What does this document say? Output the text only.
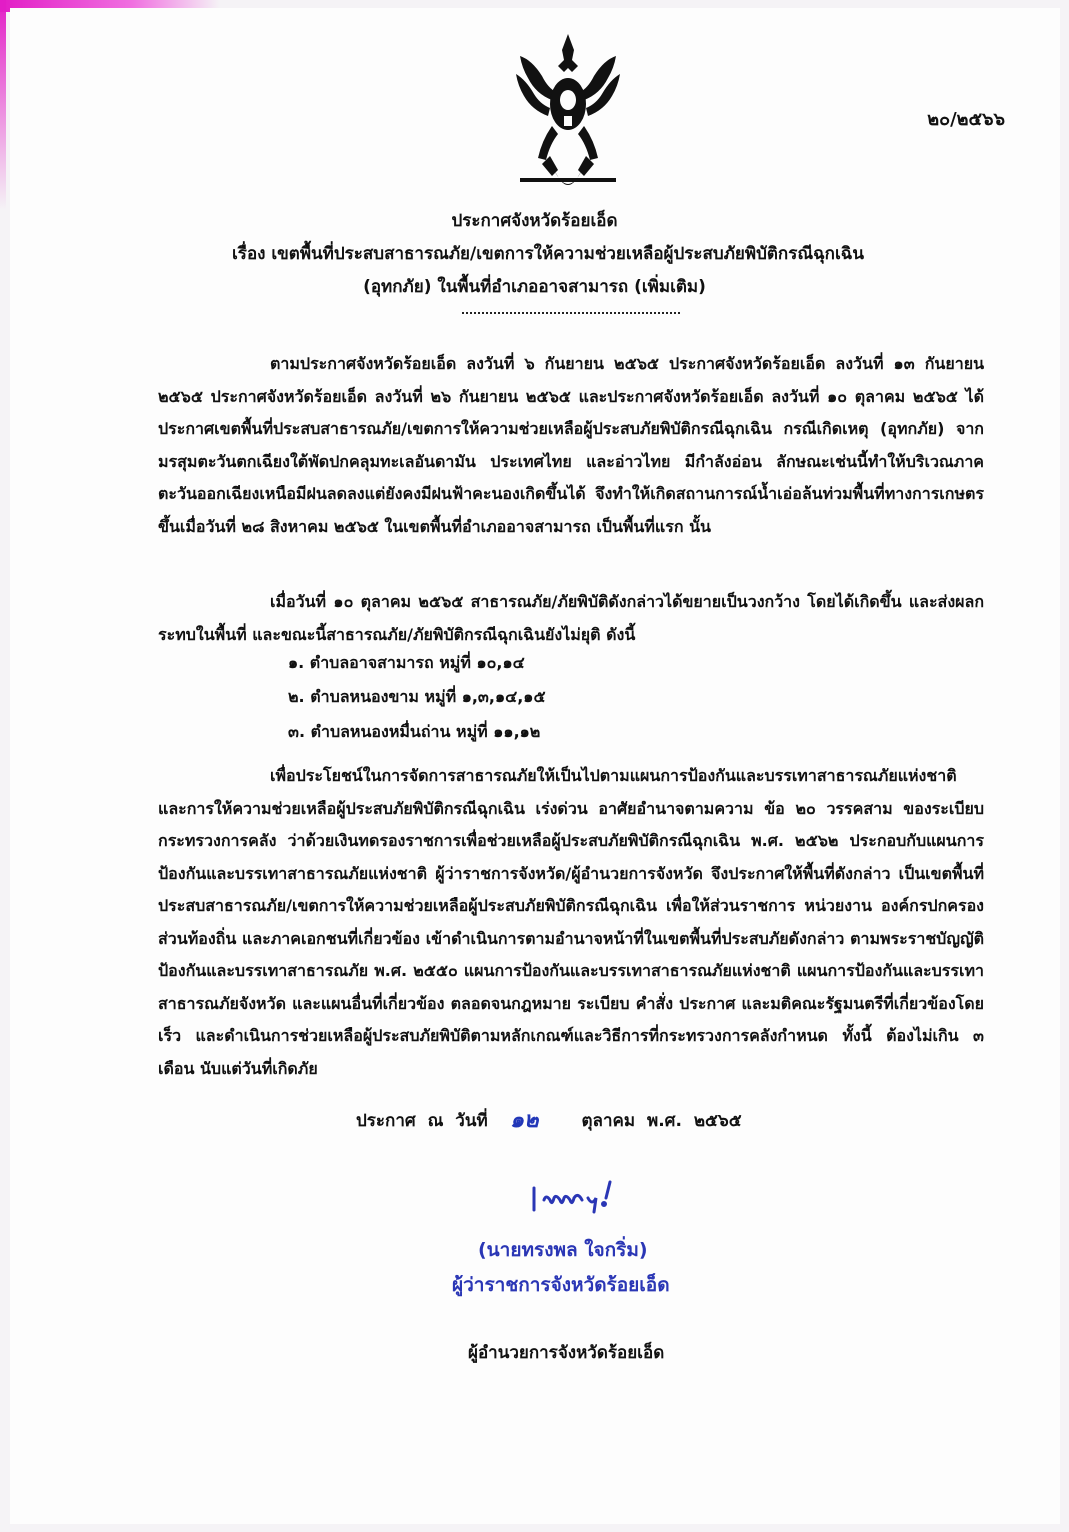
๒๐/๒๕๖๖
ประกาศจังหวัดร้อยเอ็ด
เรื่อง เขตพื้นที่ประสบสาธารณภัย/เขตการให้ความช่วยเหลือผู้ประสบภัยพิบัติกรณีฉุกเฉิน
(อุทกภัย) ในพื้นที่อำเภออาจสามารถ (เพิ่มเติม)
ตามประกาศจังหวัดร้อยเอ็ด ลงวันที่ ๖ กันยายน ๒๕๖๕ ประกาศจังหวัดร้อยเอ็ด ลงวันที่ ๑๓ กันยายน ๒๕๖๕ ประกาศจังหวัดร้อยเอ็ด ลงวันที่ ๒๖ กันยายน ๒๕๖๕ และประกาศจังหวัดร้อยเอ็ด ลงวันที่ ๑๐ ตุลาคม ๒๕๖๕ ได้ประกาศเขตพื้นที่ประสบสาธารณภัย/เขตการให้ความช่วยเหลือผู้ประสบภัยพิบัติกรณีฉุกเฉิน กรณีเกิดเหตุ (อุทกภัย) จากมรสุมตะวันตกเฉียงใต้พัดปกคลุมทะเลอันดามัน ประเทศไทย และอ่าวไทย มีกำลังอ่อน ลักษณะเช่นนี้ทำให้บริเวณภาคตะวันออกเฉียงเหนือมีฝนลดลงแต่ยังคงมีฝนฟ้าคะนองเกิดขึ้นได้ จึงทำให้เกิดสถานการณ์น้ำเอ่อล้นท่วมพื้นที่ทางการเกษตร ขึ้นเมื่อวันที่ ๒๘ สิงหาคม ๒๕๖๕ ในเขตพื้นที่อำเภออาจสามารถ เป็นพื้นที่แรก นั้น
เมื่อวันที่ ๑๐ ตุลาคม ๒๕๖๕ สาธารณภัย/ภัยพิบัติดังกล่าวได้ขยายเป็นวงกว้าง โดยได้เกิดขึ้น และส่งผลกระทบในพื้นที่ และขณะนี้สาธารณภัย/ภัยพิบัติกรณีฉุกเฉินยังไม่ยุติ ดังนี้
๑. ตำบลอาจสามารถ หมู่ที่ ๑๐,๑๔
๒. ตำบลหนองขาม หมู่ที่ ๑,๓,๑๔,๑๕
๓. ตำบลหนองหมื่นถ่าน หมู่ที่ ๑๑,๑๒
เพื่อประโยชน์ในการจัดการสาธารณภัยให้เป็นไปตามแผนการป้องกันและบรรเทาสาธารณภัยแห่งชาติ และการให้ความช่วยเหลือผู้ประสบภัยพิบัติกรณีฉุกเฉิน เร่งด่วน อาศัยอำนาจตามความ ข้อ ๒๐ วรรคสาม ของระเบียบกระทรวงการคลัง ว่าด้วยเงินทดรองราชการเพื่อช่วยเหลือผู้ประสบภัยพิบัติกรณีฉุกเฉิน พ.ศ. ๒๕๖๒ ประกอบกับแผนการป้องกันและบรรเทาสาธารณภัยแห่งชาติ ผู้ว่าราชการจังหวัด/ผู้อำนวยการจังหวัด จึงประกาศให้พื้นที่ดังกล่าว เป็นเขตพื้นที่ประสบสาธารณภัย/เขตการให้ความช่วยเหลือผู้ประสบภัยพิบัติกรณีฉุกเฉิน เพื่อให้ส่วนราชการ หน่วยงาน องค์กรปกครองส่วนท้องถิ่น และภาคเอกชนที่เกี่ยวข้อง เข้าดำเนินการตามอำนาจหน้าที่ในเขตพื้นที่ประสบภัยดังกล่าว ตามพระราชบัญญัติป้องกันและบรรเทาสาธารณภัย พ.ศ. ๒๕๕๐ แผนการป้องกันและบรรเทาสาธารณภัยแห่งชาติ แผนการป้องกันและบรรเทาสาธารณภัยจังหวัด และแผนอื่นที่เกี่ยวข้อง ตลอดจนกฎหมาย ระเบียบ คำสั่ง ประกาศ และมติคณะรัฐมนตรีที่เกี่ยวข้องโดยเร็ว และดำเนินการช่วยเหลือผู้ประสบภัยพิบัติตามหลักเกณฑ์และวิธีการที่กระทรวงการคลังกำหนด ทั้งนี้ ต้องไม่เกิน ๓ เดือน นับแต่วันที่เกิดภัย
ประกาศ ณ วันที่	ตุลาคม พ.ศ. ๒๕๖๕
๑๒
(นายทรงพล ใจกริ่ม)
ผู้ว่าราชการจังหวัดร้อยเอ็ด
ผู้อำนวยการจังหวัดร้อยเอ็ด
